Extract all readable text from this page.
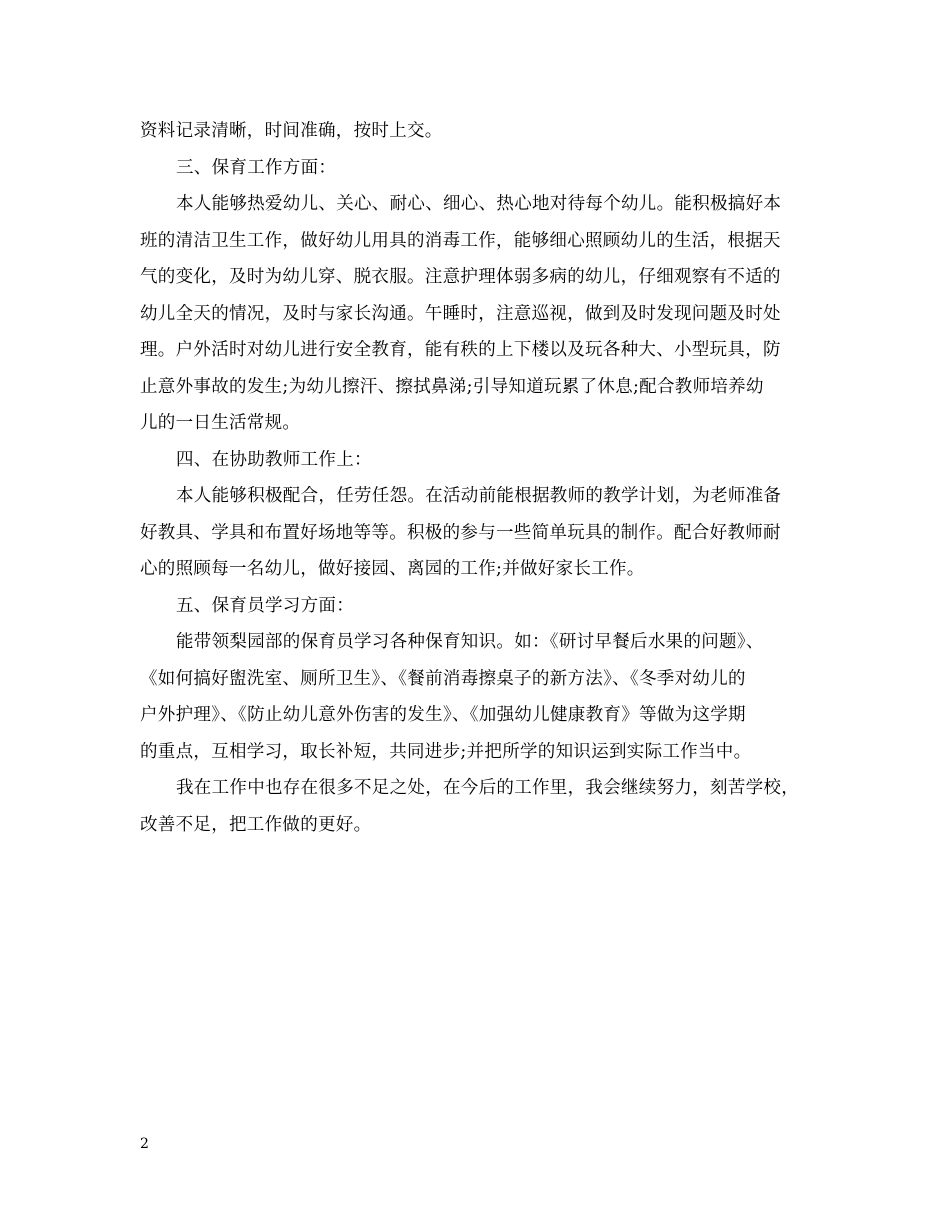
资料记录清晰，时间准确，按时上交。
三、保育工作方面：
本人能够热爱幼儿、关心、耐心、细心、热心地对待每个幼儿。能积极搞好本
班的清洁卫生工作，做好幼儿用具的消毒工作，能够细心照顾幼儿的生活，根据天
气的变化，及时为幼儿穿、脱衣服。注意护理体弱多病的幼儿，仔细观察有不适的
幼儿全天的情况，及时与家长沟通。午睡时，注意巡视，做到及时发现问题及时处
理。户外活时对幼儿进行安全教育，能有秩的上下楼以及玩各种大、小型玩具，防
止意外事故的发生;为幼儿擦汗、擦拭鼻涕;引导知道玩累了休息;配合教师培养幼
儿的一日生活常规。
四、在协助教师工作上：
本人能够积极配合，任劳任怨。在活动前能根据教师的教学计划，为老师准备
好教具、学具和布置好场地等等。积极的参与一些简单玩具的制作。配合好教师耐
心的照顾每一名幼儿，做好接园、离园的工作;并做好家长工作。
五、保育员学习方面：
能带领梨园部的保育员学习各种保育知识。如：《研讨早餐后水果的问题》、
《如何搞好盥洗室、厕所卫生》、《餐前消毒擦桌子的新方法》、《冬季对幼儿的
户外护理》、《防止幼儿意外伤害的发生》、《加强幼儿健康教育》等做为这学期
的重点，互相学习，取长补短，共同进步;并把所学的知识运到实际工作当中。
我在工作中也存在很多不足之处，在今后的工作里，我会继续努力，刻苦学校，
改善不足，把工作做的更好。
2
